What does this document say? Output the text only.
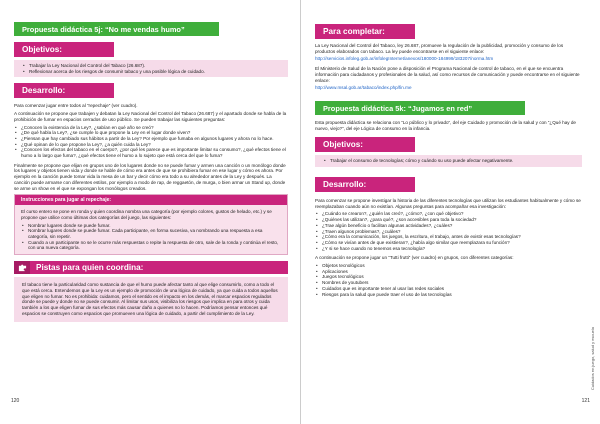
Propuesta didáctica 5j: “No me vendas humo”
Objetivos:
• Trabajar la Ley Nacional del Control del Tabaco (26.687).
• Reflexionar acerca de los riesgos de consumir tabaco y una posible lógica de cuidado.
Desarrollo:

Para comenzar jugar entre todos al “repechaje” (ver cuadro).

A continuación se propone que trabajen y debatan la Ley Nacional del Control del Tabaco (26.687) y el apartado donde se habla de la prohibición de fumar en espacios cerrados de uso público. Se pueden trabajar las siguientes preguntas:

• ¿Conocen la existencia de la Ley?, ¿sabían en qué año se creó?
• ¿De qué habla la Ley?, ¿se cumple lo que propone la Ley en el lugar donde viven?
• ¿Piensan que hay cambiado sus hábitos a partir de la Ley? Por ejemplo que fumaba en algunos lugares y ahora no lo hace.
• ¿Qué opinan de lo que propone la Ley?, ¿a quién cuida la Ley?
• ¿Conocen los efectos del tabaco en el cuerpo?, ¿por qué les parece que es importante limitar su consumo?, ¿qué efectos tiene el humo a lo largo que fuma?, ¿qué efectos tiene el humo a lo sujeto que está cerca del que lo fuma?

Finalmente se propone que elijan en grupos uno de los lugares donde no se puede fumar y armen una canción o un monólogo donde los lugares y objetos tienen vida y donde se hable de cómo era antes de que se prohibiera fumar en ese lugar y cómo es ahora. Por ejemplo en la canción puede tomar vida la mesa de un bar y decir cómo era todo a su alrededor antes de la Ley y después. La canción puede armarse con diferentes estilos, por ejemplo a modo de rap, de reggaetón, de murga, o bien armar un Stand up, donde se arme un show en el que se expongan los monólogos creados.

Instrucciones para jugar al repechaje:

El curso entero se pone en ronda y quien coordina nombra una categoría (por ejemplo colores, gustos de helado, etc.) y se propone que utilice como últimas dos categorías del juego, las siguientes:

• Nombrar lugares donde se puede fumar.
• Nombrar lugares donde se puede fumar. Cada participante, en forma sucesiva, va nombrando una respuesta a esa categoría, sin repetir.
• Cuando a un participante no se le ocurre más respuestas o repite la respuesta de otro, sale de la ronda y continúa el resto, con una nueva categoría.
Pistas para quien coordina:

El tabaco tiene la particularidad como sustancia de que el humo puede afectar tanto al que elige consumirlo, como a todo el que está cerca. Entendemos que la Ley es un ejemplo de promoción de una lógica de cuidado, ya que cuida a todos aquellos que eligen no fumar. No es prohibida: cuidamos, pero el sentido es el impacto en los demás, el marcar espacios regulados donde se puede y donde no se puede consumir. Al limitar sus usos, visibiliza los riesgos que implica en para otros y cuida también a los que eligen fumar de sus efectos más causar daño a quienes no lo hacen. Podríamos pensar entonces qué espacios se construyen como espacios que promueven una lógica de cuidado, a partir del cumplimiento de la Ley.

120
Para completar:

La Ley Nacional del Control del Tabaco, ley 26.687, promueve la regulación de la publicidad, promoción y consumo de los productos elaborados con tabaco. La ley puede encontrarse en el siguiente enlace:

http://servicios.infoleg.gob.ar/infolegInternet/anexos/180000-184999/183207/norma.htm

El Ministerio de Salud de la Nación pone a disposición el Programa Nacional de control de tabaco, en el que se encuentra información para ciudadanos y profesionales de la salud, así como recursos de comunicación y puede encontrarse en el siguiente enlace:

http://www.msal.gob.ar/tabaco/index.php/fin.me
Propuesta didáctica 5k: “Jugamos en red”

Esta propuesta didáctica se relaciona con “Lo público y lo privado”, del eje Cuidado y promoción de la salud y con “¿Qué hay de nuevo, viejo?”, del eje Lógica de consumo en la infancia.

Objetivos:
• Trabajar el consumo de tecnologías; cómo y cuándo su uso puede afectar negativamente.
Desarrollo:

Para comenzar se propone investigar la historia de las diferentes tecnologías que utilizan los estudiantes habitualmente y cómo se reemplazaban cuando aún no existían. Algunas preguntas para acompañar esa investigación:

• ¿Cuándo se crearon?, ¿quién las creó?, ¿cómo?, ¿con qué objetivo?
• ¿Quiénes las utilizan?, ¿para qué?, ¿son accesibles para toda la sociedad?
• ¿Trae algún beneficio o facilitan algunas actividades?, ¿cuáles?
• ¿Traen algunos problemas?, ¿cuáles?
• ¿Cómo era la comunicación, los juegos, la escritura, el trabajo, antes de existir esas tecnologías?
• ¿Cómo se vivían antes de que existieran?, ¿había algo similar que reemplazara su función?
• ¿Y si se hace cuando no tenemos esa tecnología?

A continuación se propone jugar un “Tutti frutti” (ver cuadro) en grupos, con diferentes categorías:

• Objetos tecnológicos
• Aplicaciones
• Juegos tecnológicos
• Nombres de youtubers
• Cuidados que es importante tener al usar las redes sociales
• Riesgos para la salud que puede traer el uso de las tecnologías
Cuidados en juego, salud y escuela
121
